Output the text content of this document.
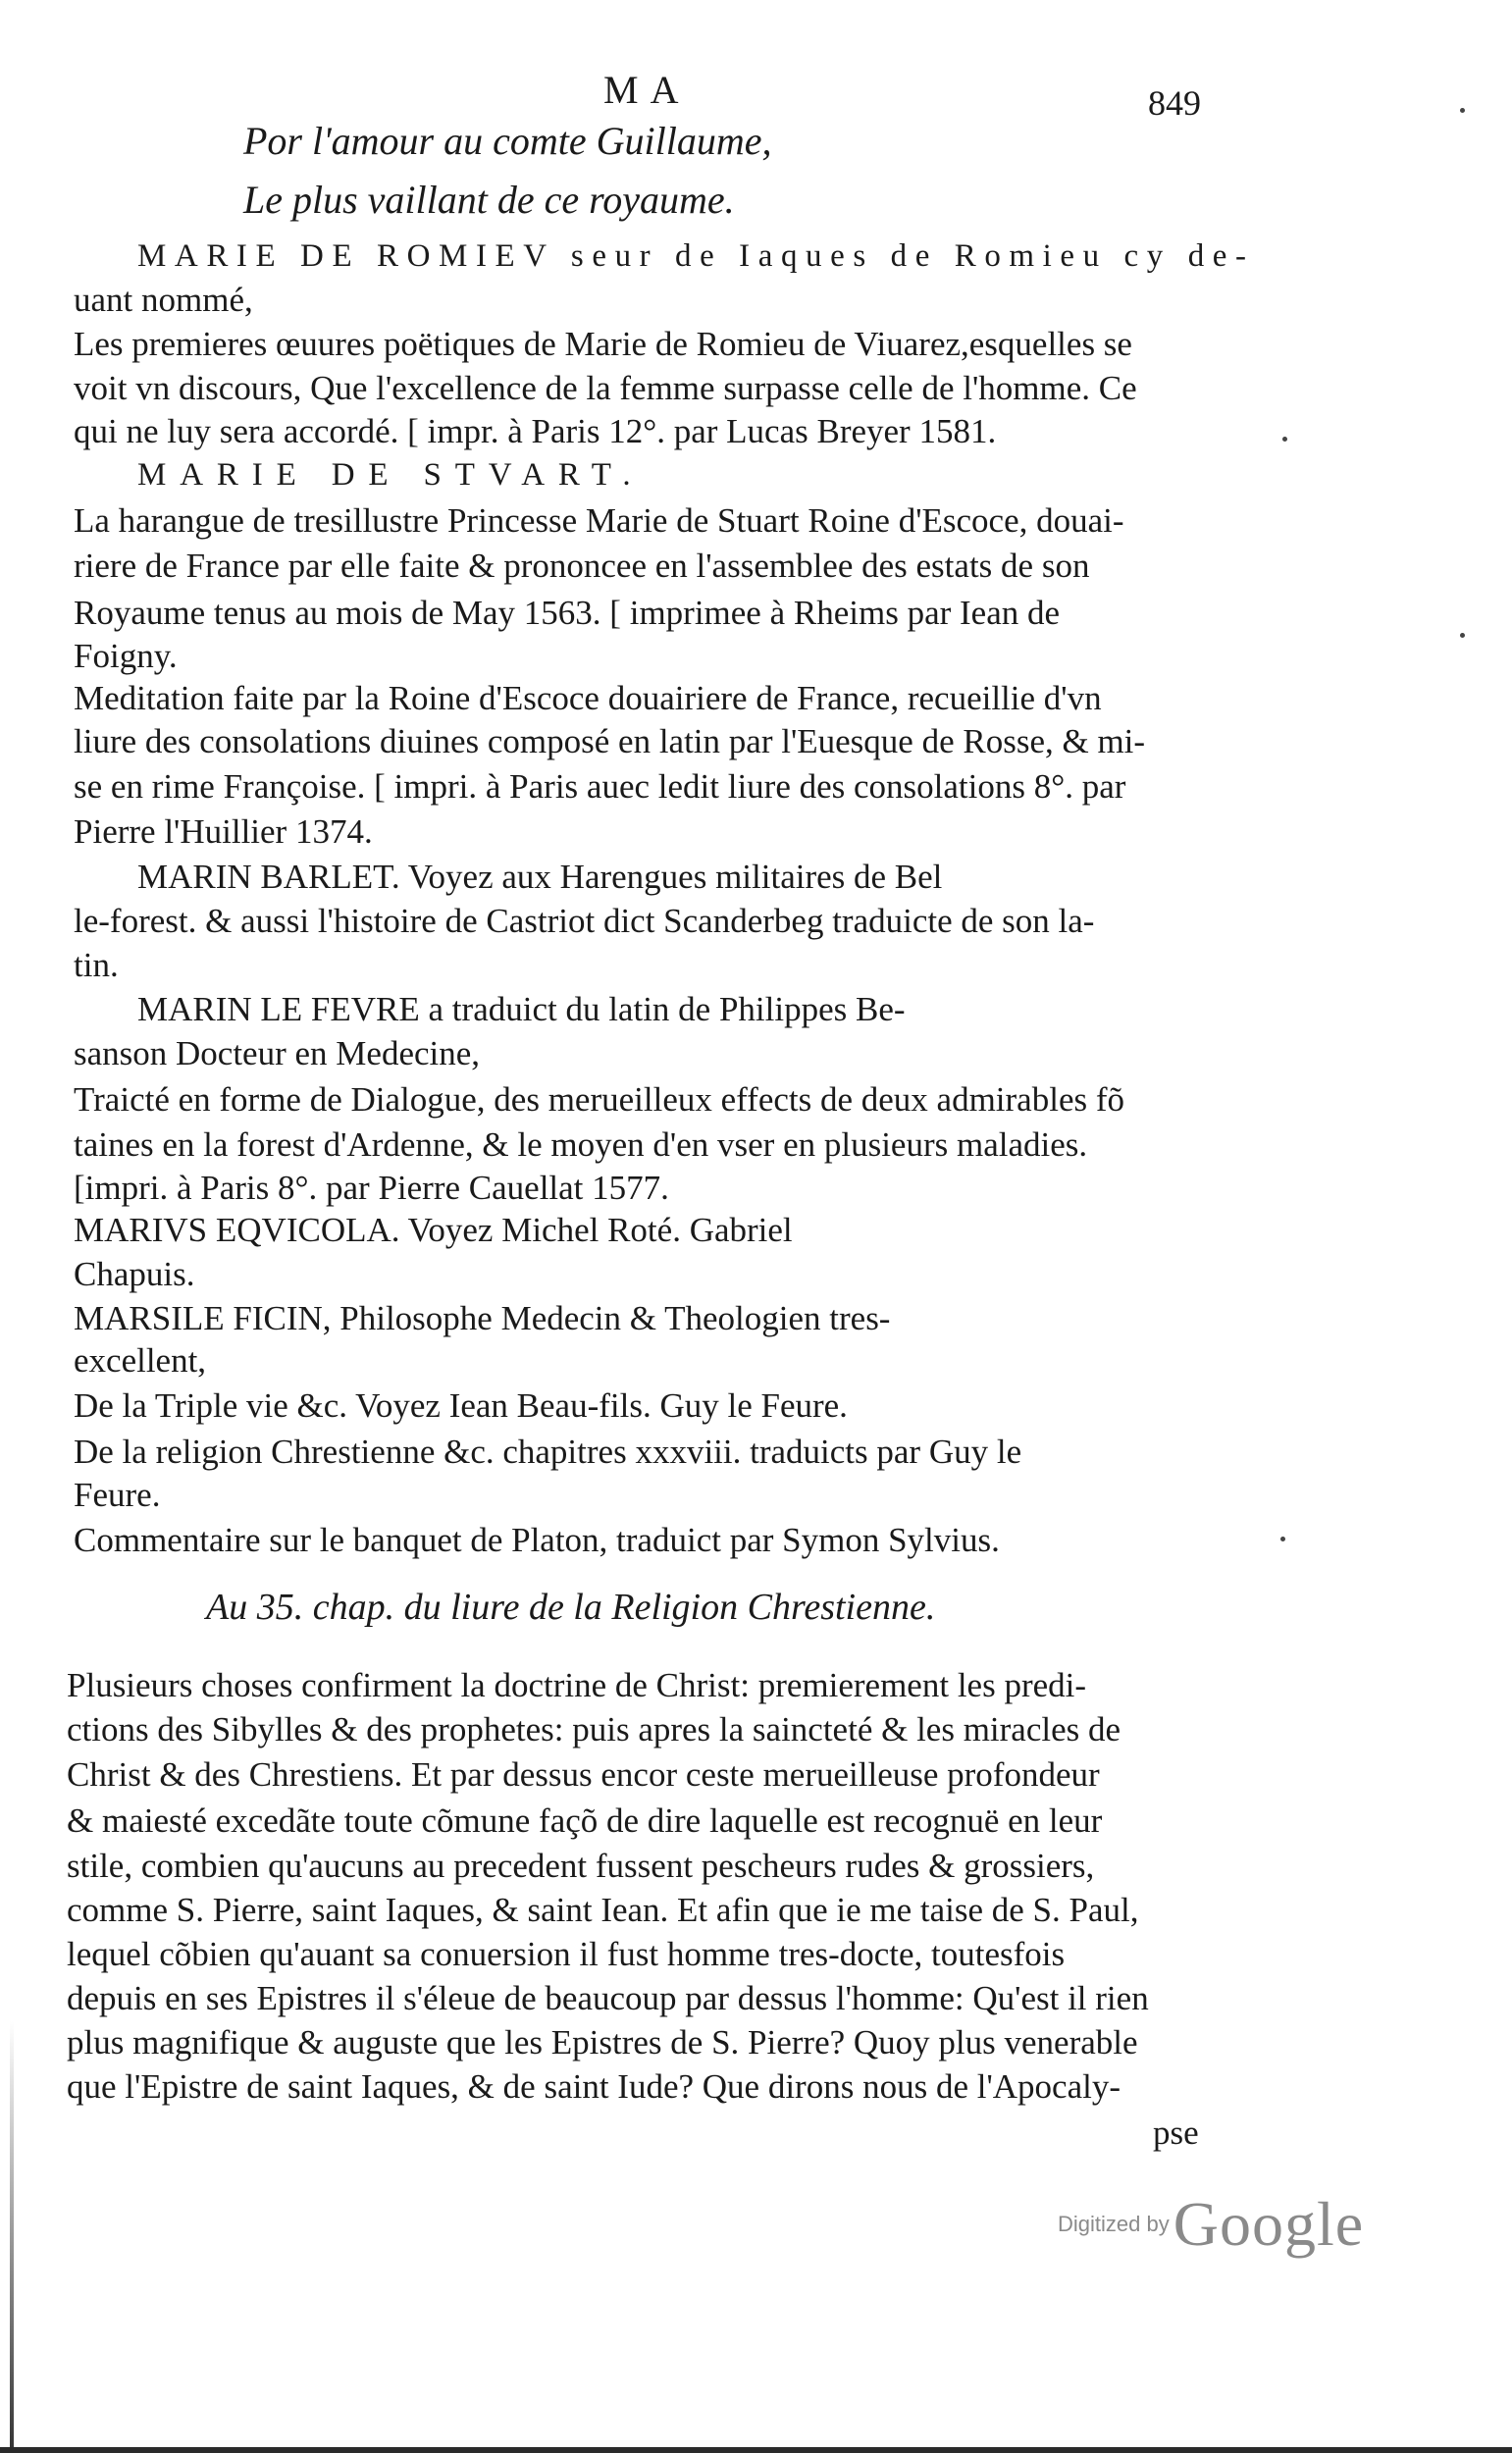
MA	849
Por l'amour au comte Guillaume,
Le plus vaillant de ce royaume.
MARIE DE ROMIEV seur de Iaques de Romieu cy de-
uant nommé,
Les premieres œuures poëtiques de Marie de Romieu de Viuarez,esquelles se
voit vn discours, Que l'excellence de la femme surpasse celle de l'homme. Ce
qui ne luy sera accordé. [ impr. à Paris 12°. par Lucas Breyer 1581.
MARIE DE STVART.
La harangue de tresillustre Princesse Marie de Stuart Roine d'Escoce, douai-
riere de France par elle faite & prononcee en l'assemblee des estats de son
Royaume tenus au mois de May 1563. [ imprimee à Rheims par Iean de
Foigny.
Meditation faite par la Roine d'Escoce douairiere de France, recueillie d'vn
liure des consolations diuines composé en latin par l'Euesque de Rosse, & mi-
se en rime Françoise. [ impri. à Paris auec ledit liure des consolations 8°. par
Pierre l'Huillier 1374.
MARIN BARLET. Voyez aux Harengues militaires de Bel
le-forest. & aussi l'histoire de Castriot dict Scanderbeg traduicte de son la-
tin.
MARIN LE FEVRE a traduict du latin de Philippes Be-
sanson Docteur en Medecine,
Traicté en forme de Dialogue, des merueilleux effects de deux admirables fõ
taines en la forest d'Ardenne, & le moyen d'en vser en plusieurs maladies.
[impri. à Paris 8°. par Pierre Cauellat 1577.
MARIVS EQVICOLA. Voyez Michel Roté. Gabriel
Chapuis.
MARSILE FICIN, Philosophe Medecin & Theologien tres-
excellent,
De la Triple vie &c. Voyez Iean Beau-fils. Guy le Feure.
De la religion Chrestienne &c. chapitres xxxviii. traduicts par Guy le
Feure.
Commentaire sur le banquet de Platon, traduict par Symon Sylvius.
Au 35. chap. du liure de la Religion Chrestienne.
Plusieurs choses confirment la doctrine de Christ: premierement les predi-
ctions des Sibylles & des prophetes: puis apres la saincteté & les miracles de
Christ & des Chrestiens. Et par dessus encor ceste merueilleuse profondeur
& maiesté excedãte toute cõmune façõ de dire laquelle est recognuë en leur
stile, combien qu'aucuns au precedent fussent pescheurs rudes & grossiers,
comme S. Pierre, saint Iaques, & saint Iean. Et afin que ie me taise de S. Paul,
lequel cõbien qu'auant sa conuersion il fust homme tres-docte, toutesfois
depuis en ses Epistres il s'éleue de beaucoup par dessus l'homme: Qu'est il rien
plus magnifique & auguste que les Epistres de S. Pierre? Quoy plus venerable
que l'Epistre de saint Iaques, & de saint Iude? Que dirons nous de l'Apocaly-
pse
Digitized by Google
